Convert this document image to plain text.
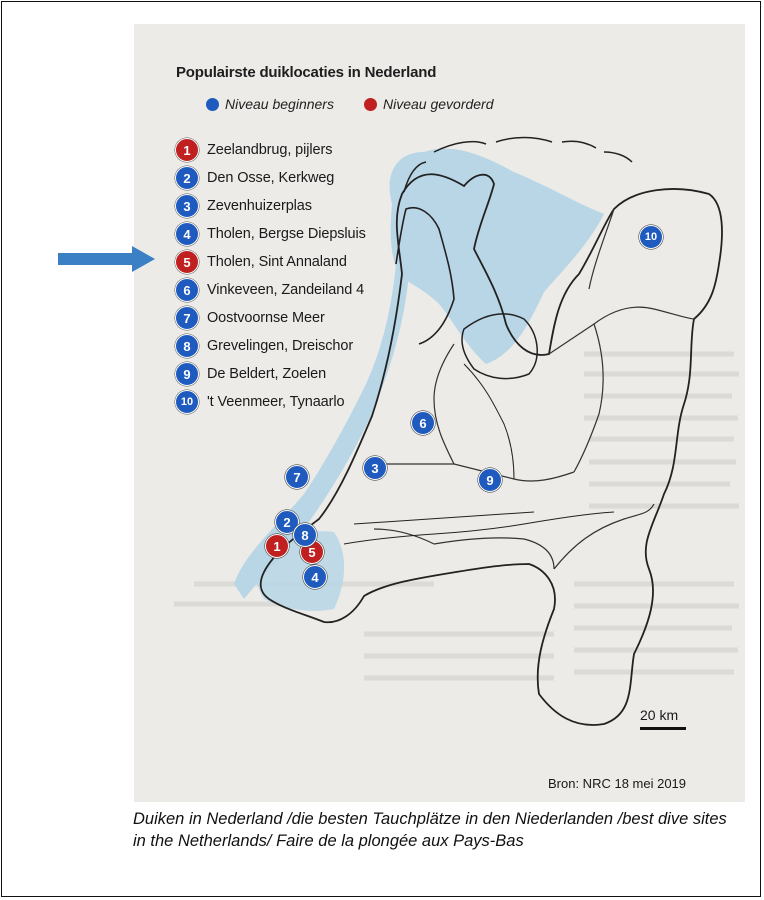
Populairste duiklocaties in Nederland
Niveau beginners	Niveau gevorderd
1	Zeelandbrug, pijlers
2	Den Osse, Kerkweg
3	Zevenhuizerplas
4	Tholen, Bergse Diepsluis
5	Tholen, Sint Annaland
6	Vinkeveen, Zandeiland 4
7	Oostvoornse Meer
8	Grevelingen, Dreischor
9	De Beldert, Zoelen
10 't Veenmeer, Tynaarlo
1
2
3
4
5
6
7
8
9
10
20 km
Bron: NRC 18 mei 2019
Duiken in Nederland /die besten Tauchplätze in den Niederlanden /best dive sites in the Netherlands/ Faire de la plongée aux Pays-Bas
